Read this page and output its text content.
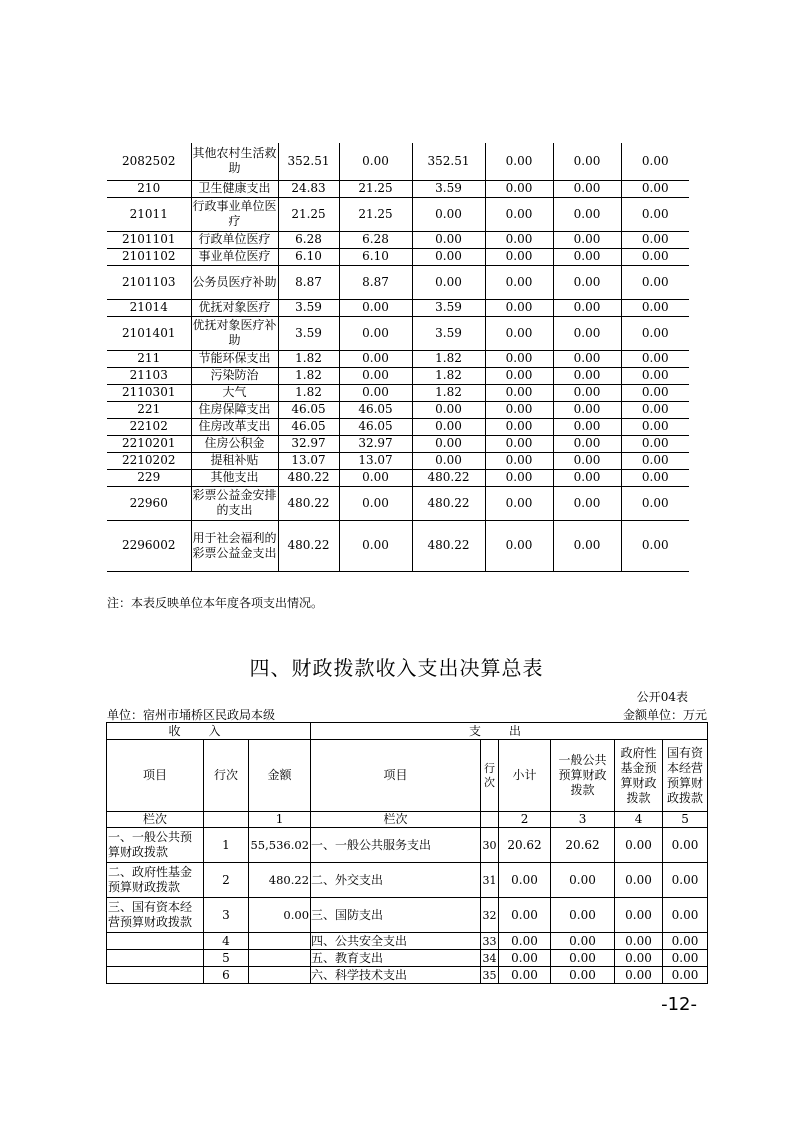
2082502	其他农村生活救助	352.51	0.00	352.51	0.00	0.00	0.00
210	卫生健康支出	24.83	21.25	3.59	0.00	0.00	0.00
21011	行政事业单位医疗	21.25	21.25	0.00	0.00	0.00	0.00
2101101	行政单位医疗	6.28	6.28	0.00	0.00	0.00	0.00
2101102	事业单位医疗	6.10	6.10	0.00	0.00	0.00	0.00
2101103	公务员医疗补助	8.87	8.87	0.00	0.00	0.00	0.00
21014	优抚对象医疗	3.59	0.00	3.59	0.00	0.00	0.00
2101401	优抚对象医疗补助	3.59	0.00	3.59	0.00	0.00	0.00
211	节能环保支出	1.82	0.00	1.82	0.00	0.00	0.00
21103	污染防治	1.82	0.00	1.82	0.00	0.00	0.00
2110301	大气	1.82	0.00	1.82	0.00	0.00	0.00
221	住房保障支出	46.05	46.05	0.00	0.00	0.00	0.00
22102	住房改革支出	46.05	46.05	0.00	0.00	0.00	0.00
2210201	住房公积金	32.97	32.97	0.00	0.00	0.00	0.00
2210202	提租补贴	13.07	13.07	0.00	0.00	0.00	0.00
229	其他支出	480.22	0.00	480.22	0.00	0.00	0.00
22960	彩票公益金安排的支出	480.22	0.00	480.22	0.00	0.00	0.00
2296002	用于社会福利的彩票公益金支出	480.22	0.00	480.22	0.00	0.00	0.00
注：本表反映单位本年度各项支出情况。
四、财政拨款收入支出决算总表
公开04表
单位：宿州市埇桥区民政局本级	金额单位：万元
收入			支出					
项目	行次	金额	项目	行次	小计	一般公共预算财政拨款	政府性基金预算财政拨款	国有资本经营预算财政拨款
栏次		1	栏次		2	3	4	5
一、一般公共预算财政拨款	1	55,536.02	一、一般公共服务支出	30	20.62	20.62	0.00	0.00
二、政府性基金预算财政拨款	2	480.22	二、外交支出	31	0.00	0.00	0.00	0.00
三、国有资本经营预算财政拨款	3	0.00	三、国防支出	32	0.00	0.00	0.00	0.00
	4		四、公共安全支出	33	0.00	0.00	0.00	0.00
	5		五、教育支出	34	0.00	0.00	0.00	0.00
	6		六、科学技术支出	35	0.00	0.00	0.00	0.00
-12-
